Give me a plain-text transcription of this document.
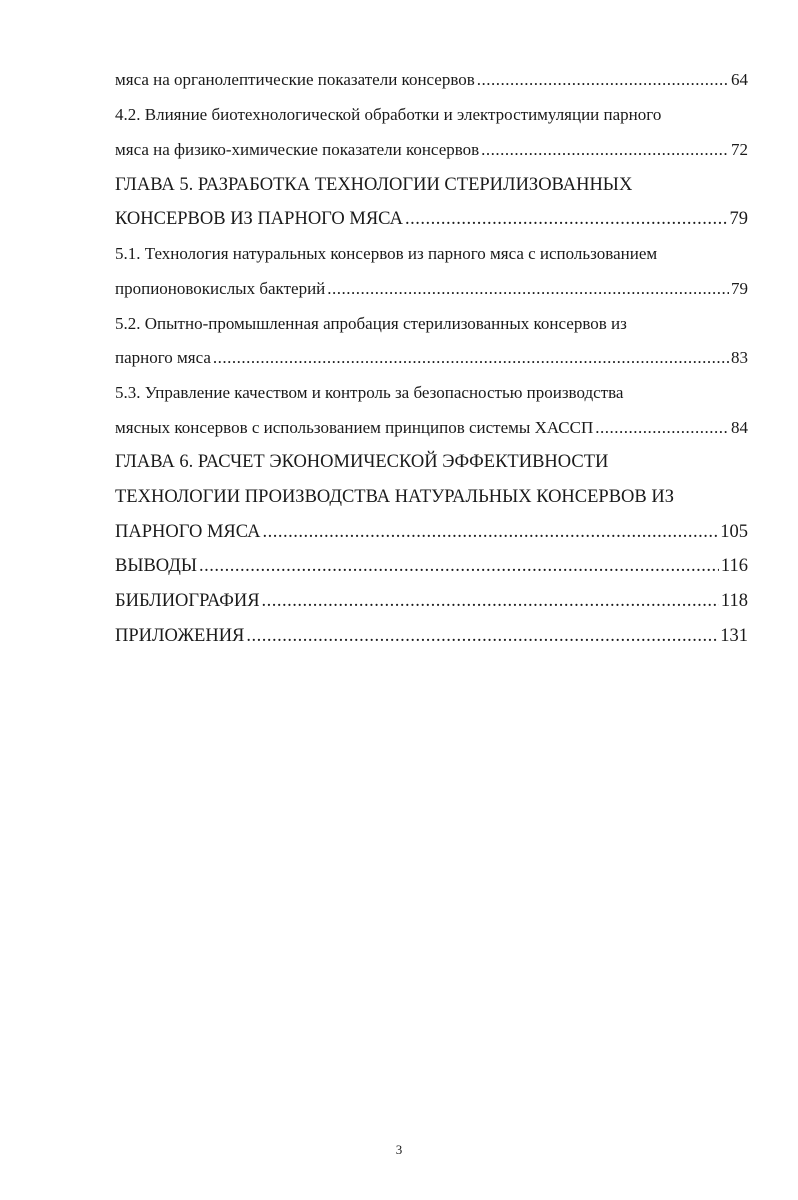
мяса на органолептические показатели консервов .....	64
4.2. Влияние биотехнологической обработки и электростимуляции парного
мяса на физико-химические показатели консервов .....	72
ГЛАВА 5. РАЗРАБОТКА ТЕХНОЛОГИИ СТЕРИЛИЗОВАННЫХ
КОНСЕРВОВ ИЗ ПАРНОГО МЯСА .....	79
5.1. Технология натуральных консервов из парного мяса с использованием
пропионовокислых бактерий .....	79
5.2. Опытно-промышленная апробация стерилизованных консервов из
парного мяса .....	83
5.3. Управление качеством и контроль за безопасностью производства
мясных консервов с использованием принципов системы ХАССП .....	84
ГЛАВА 6. РАСЧЕТ ЭКОНОМИЧЕСКОЙ ЭФФЕКТИВНОСТИ
ТЕХНОЛОГИИ ПРОИЗВОДСТВА НАТУРАЛЬНЫХ КОНСЕРВОВ ИЗ
ПАРНОГО МЯСА .....	105
ВЫВОДЫ .....	116
БИБЛИОГРАФИЯ .....	118
ПРИЛОЖЕНИЯ .....	131
3
